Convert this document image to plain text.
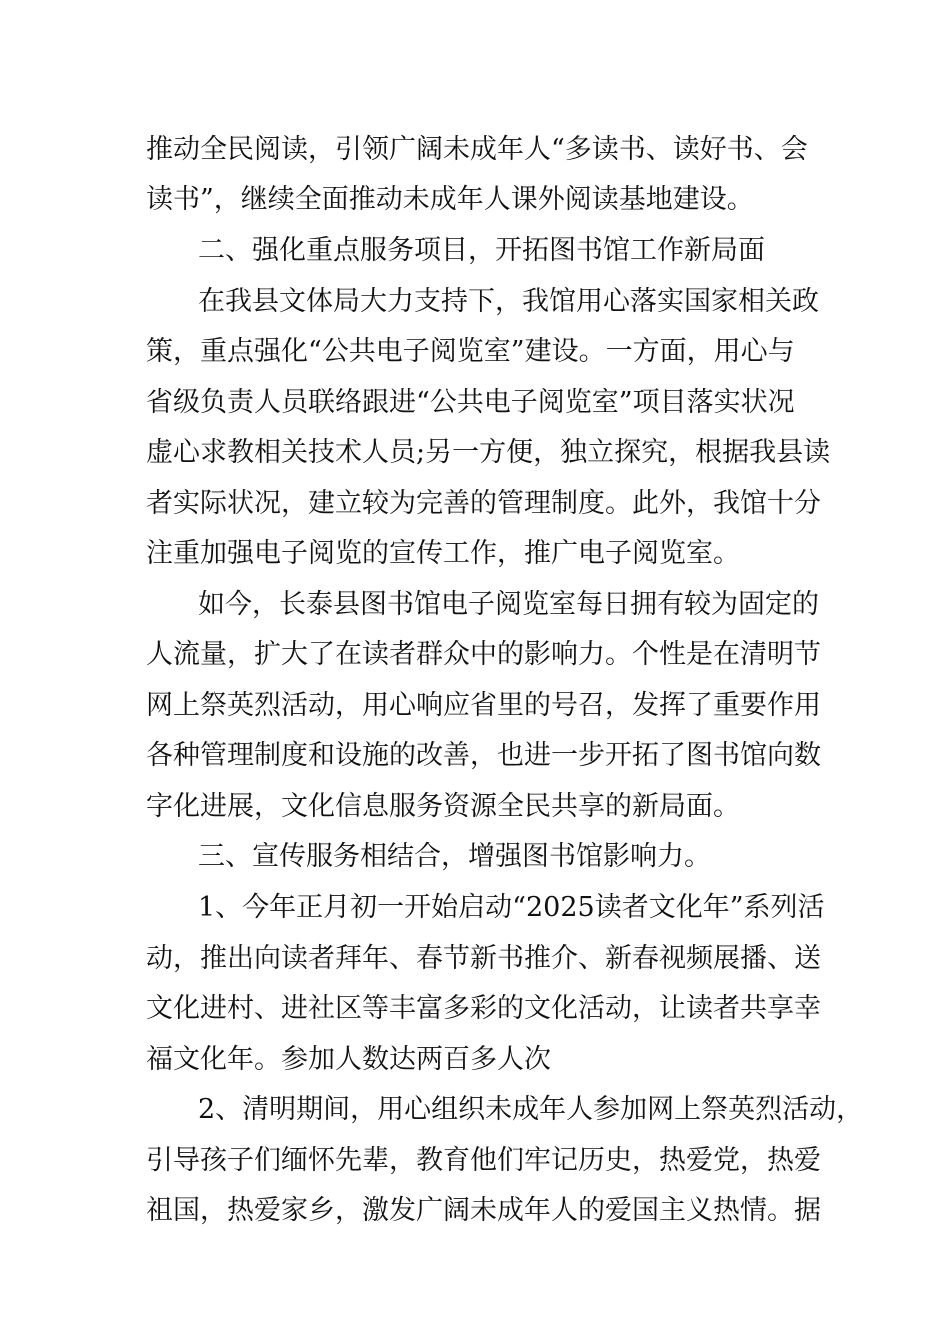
推动全民阅读，引领广阔未成年人“多读书、读好书、会
读书”，继续全面推动未成年人课外阅读基地建设。
二、强化重点服务项目，开拓图书馆工作新局面
在我县文体局大力支持下，我馆用心落实国家相关政
策，重点强化“公共电子阅览室”建设。一方面，用心与
省级负责人员联络跟进“公共电子阅览室”项目落实状况
虚心求教相关技术人员;另一方便，独立探究，根据我县读
者实际状况，建立较为完善的管理制度。此外，我馆十分
注重加强电子阅览的宣传工作，推广电子阅览室。
如今，长泰县图书馆电子阅览室每日拥有较为固定的
人流量，扩大了在读者群众中的影响力。个性是在清明节
网上祭英烈活动，用心响应省里的号召，发挥了重要作用
各种管理制度和设施的改善，也进一步开拓了图书馆向数
字化进展，文化信息服务资源全民共享的新局面。
三、宣传服务相结合，增强图书馆影响力。
1、今年正月初一开始启动“2025读者文化年”系列活
动，推出向读者拜年、春节新书推介、新春视频展播、送
文化进村、进社区等丰富多彩的文化活动，让读者共享幸
福文化年。参加人数达两百多人次
2、清明期间，用心组织未成年人参加网上祭英烈活动，
引导孩子们缅怀先辈，教育他们牢记历史，热爱党，热爱
祖国，热爱家乡，激发广阔未成年人的爱国主义热情。据
